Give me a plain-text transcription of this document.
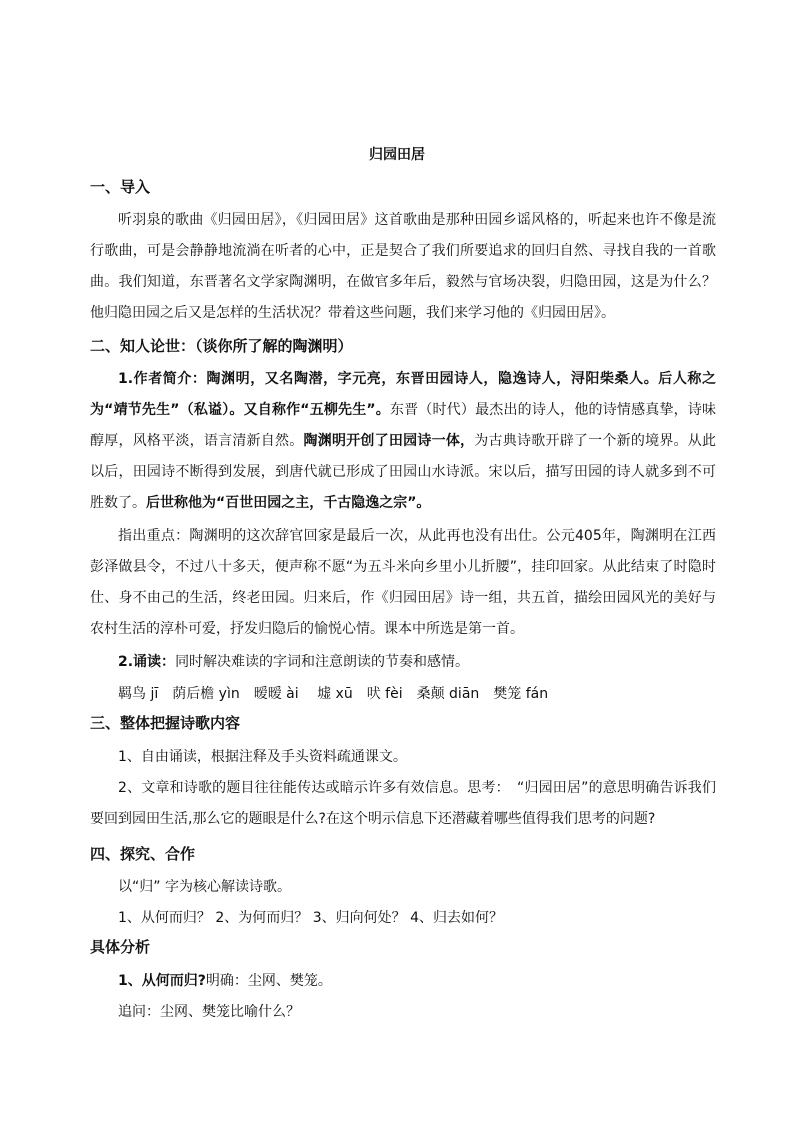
归园田居
一、导入
听羽泉的歌曲《归园田居》，《归园田居》这首歌曲是那种田园乡谣风格的，听起来也许不像是流行歌曲，可是会静静地流淌在听者的心中，正是契合了我们所要追求的回归自然、寻找自我的一首歌曲。我们知道，东晋著名文学家陶渊明，在做官多年后，毅然与官场决裂，归隐田园，这是为什么？他归隐田园之后又是怎样的生活状况？带着这些问题，我们来学习他的《归园田居》。
二、知人论世：（谈你所了解的陶渊明）
1.作者简介：陶渊明，又名陶潜，字元亮，东晋田园诗人，隐逸诗人，浔阳柴桑人。后人称之为“靖节先生”（私谥）。又自称作“五柳先生”。东晋（时代）最杰出的诗人，他的诗情感真挚，诗味醇厚，风格平淡，语言清新自然。陶渊明开创了田园诗一体，为古典诗歌开辟了一个新的境界。从此以后，田园诗不断得到发展，到唐代就已形成了田园山水诗派。宋以后，描写田园的诗人就多到不可胜数了。后世称他为“百世田园之主，千古隐逸之宗”。
指出重点：陶渊明的这次辞官回家是最后一次，从此再也没有出仕。公元405年，陶渊明在江西彭泽做县令，不过八十多天，便声称不愿“为五斗米向乡里小儿折腰”，挂印回家。从此结束了时隐时仕、身不由己的生活，终老田园。归来后，作《归园田居》诗一组，共五首，描绘田园风光的美好与农村生活的淳朴可爱，抒发归隐后的愉悦心情。课本中所选是第一首。
2.诵读：同时解决难读的字词和注意朗读的节奏和感情。
羁鸟 jī　荫后檐 yìn　暧暧 ài　 墟 xū　吠 fèi　桑颠 diān　樊笼 fán
三、整体把握诗歌内容
1、自由诵读，根据注释及手头资料疏通课文。
2、文章和诗歌的题目往往能传达或暗示许多有效信息。思考：　“归园田居”的意思明确告诉我们要回到园田生活,那么它的题眼是什么?在这个明示信息下还潜藏着哪些值得我们思考的问题?
四、探究、合作
以“归” 字为核心解读诗歌。
1、从何而归？ 2、为何而归？ 3、归向何处？ 4、归去如何？
具体分析
1、从何而归?明确：尘网、樊笼。
追问：尘网、樊笼比喻什么？
